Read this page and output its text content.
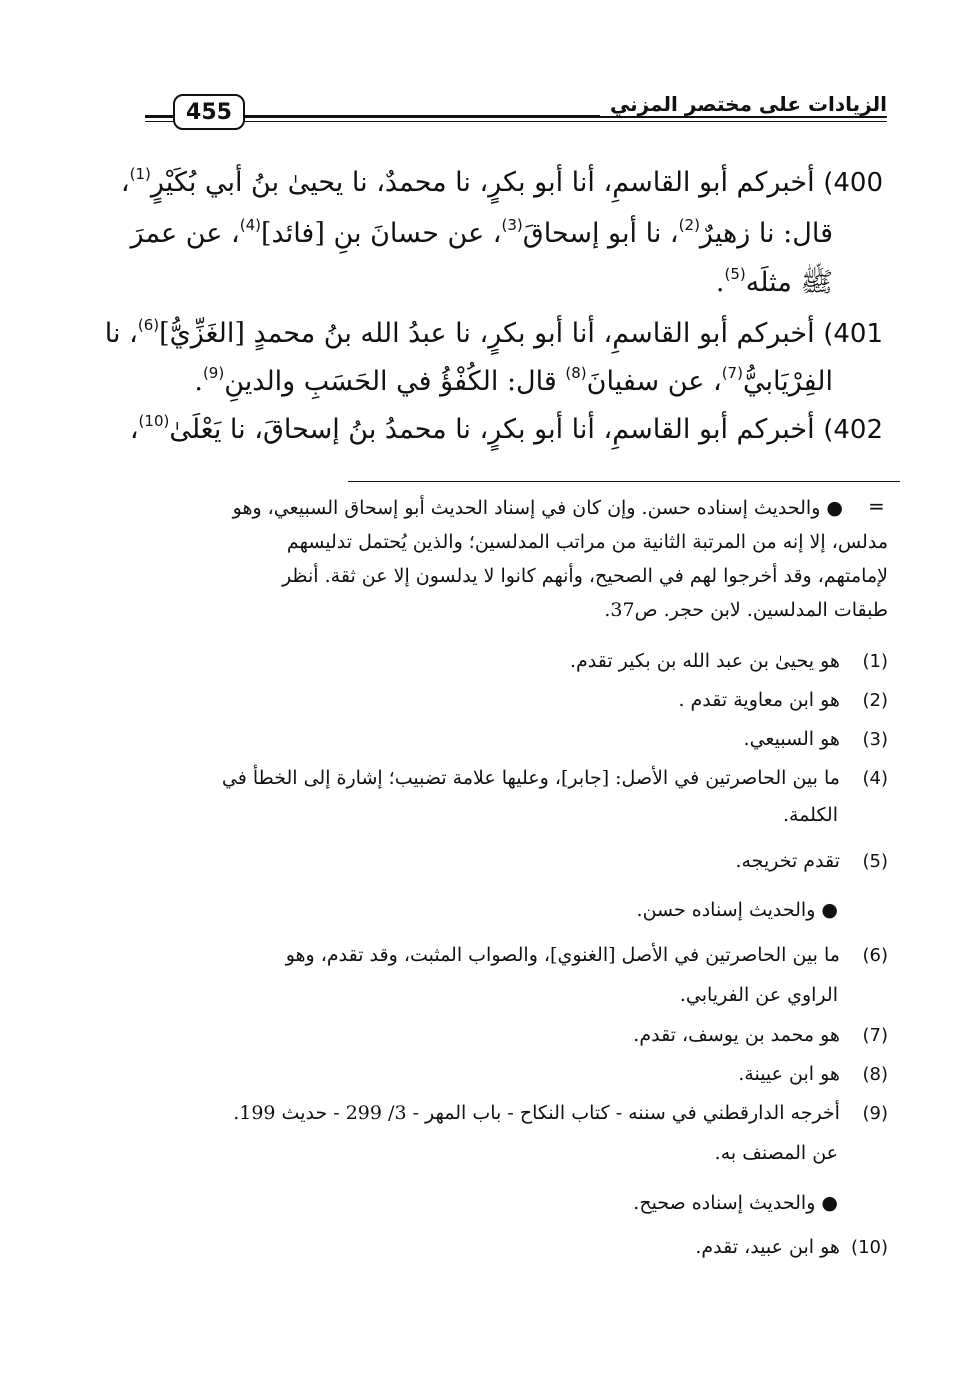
455	الزيادات على مختصر المزني
400) أخبركم أبو القاسمِ، أنا أبو بكرٍ، نا محمدٌ، نا يحيىٰ بنُ أبي بُكَيْرٍ$^{(1)}$،
قال: نا زهيرٌ$^{(2)}$، نا أبو إسحاقَ$^{(3)}$، عن حسانَ بنِ [فائد]$^{(4)}$، عن عمرَ
ﷺ مثلَه$^{(5)}$.
401) أخبركم أبو القاسمِ، أنا أبو بكرٍ، نا عبدُ الله بنُ محمدٍ [الغَزِّيُّ]$^{(6)}$، نا
الفِرْيَابيُّ$^{(7)}$، عن سفيانَ$^{(8)}$ قال: الكُفْؤُ في الحَسَبِ والدينِ$^{(9)}$.
402) أخبركم أبو القاسمِ، أنا أبو بكرٍ، نا محمدُ بنُ إسحاقَ، نا يَعْلَىٰ$^{(10)}$،
=
● والحديث إسناده حسن. وإن كان في إسناد الحديث أبو إسحاق السبيعي، وهو
مدلس، إلا إنه من المرتبة الثانية من مراتب المدلسين؛ والذين يُحتمل تدليسهم
لإمامتهم، وقد أخرجوا لهم في الصحيح، وأنهم كانوا لا يدلسون إلا عن ثقة. أنظر
طبقات المدلسين. لابن حجر. ص37.
(1) هو يحيىٰ بن عبد الله بن بكير تقدم.
(2) هو ابن معاوية تقدم .
(3) هو السبيعي.
(4) ما بين الحاصرتين في الأصل: [جابر]، وعليها علامة تضبيب؛ إشارة إلى الخطأ في
الكلمة.
(5) تقدم تخريجه.
● والحديث إسناده حسن.
(6) ما بين الحاصرتين في الأصل [الغنوي]، والصواب المثبت، وقد تقدم، وهو
الراوي عن الفريابي.
(7) هو محمد بن يوسف، تقدم.
(8) هو ابن عيينة.
(9) أخرجه الدارقطني في سننه - كتاب النكاح - باب المهر - 3/ 299 - حديث 199.
عن المصنف به.
● والحديث إسناده صحيح.
(10) هو ابن عبيد، تقدم.
